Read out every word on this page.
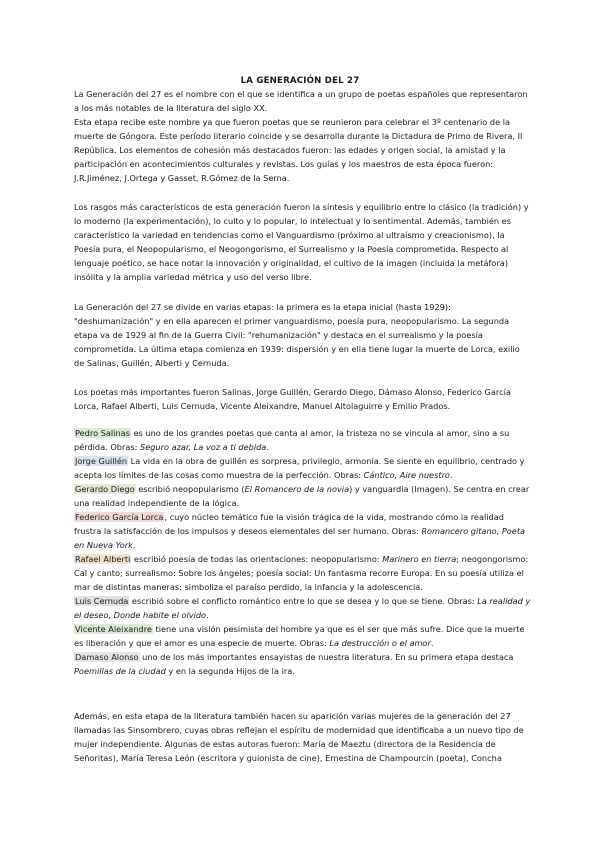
LA GENERACIÓN DEL 27
La Generación del 27 es el nombre con el que se identifica a un grupo de poetas españoles que representaron a los más notables de la literatura del siglo XX.
Esta etapa recibe este nombre ya que fueron poetas que se reunieron para celebrar el 3º centenario de la muerte de Góngora. Este período literario coincide y se desarrolla durante la Dictadura de Primo de Rivera, II República. Los elementos de cohesión más destacados fueron: las edades y origen social, la amistad y la participación en acontecimientos culturales y revistas. Los guías y los maestros de esta época fueron: J.R.Jiménez, J.Ortega y Gasset, R.Gómez de la Serna.
Los rasgos más característicos de esta generación fueron la síntesis y equilibrio entre lo clásico (la tradición) y lo moderno (la experimentación), lo culto y lo popular, lo intelectual y lo sentimental. Además, también es característico la variedad en tendencias como el Vanguardismo (próximo al ultraísmo y creacionismo), la Poesía pura, el Neopopularismo, el Neogongorismo, el Surrealismo y la Poesía comprometida. Respecto al lenguaje poético, se hace notar la innovación y originalidad, el cultivo de la imagen (incluida la metáfora) insólita y la amplia variedad métrica y uso del verso libre.
La Generación del 27 se divide en varias etapas: la primera es la etapa inicial (hasta 1929): "deshumanización" y en ella aparecen el primer vanguardismo, poesía pura, neopopularismo. La segunda etapa va de 1929 al fin de la Guerra Civil: "rehumanización" y destaca en el surrealismo y la poesía comprometida. La última etapa comienza en 1939: dispersión y en ella tiene lugar la muerte de Lorca, exilio de Salinas, Guillén, Alberti y Cernuda.
Los poetas más importantes fueron Salinas, Jorge Guillén, Gerardo Diego, Dámaso Alonso, Federico García Lorca, Rafael Alberti, Luis Cernuda, Vicente Aleixandre, Manuel Altolaguirre y Emilio Prados.
Pedro Salinas es uno de los grandes poetas que canta al amor, la tristeza no se vincula al amor, sino a su pérdida. Obras: Seguro azar, La voz a ti debida.
Jorge Guillén La vida en la obra de guillén es sorpresa, privilegio, armonía. Se siente en equilibrio, centrado y acepta los límites de las cosas como muestra de la perfección. Obras: Cántico, Aire nuestro.
Gerardo Diego escribió neopopularismo (El Romancero de la novia) y vanguardia (Imagen). Se centra en crear una realidad independiente de la lógica.
Federico García Lorca, cuyo núcleo temático fue la visión trágica de la vida, mostrando cómo la realidad frustra la satisfacción de los impulsos y deseos elementales del ser humano. Obras: Romancero gitano, Poeta en Nueva York.
Rafael Alberti escribió poesía de todas las orientaciones: neopopularismo: Marinero en tierra; neogongorismo: Cal y canto; surrealismo: Sobre los ángeles; poesía social: Un fantasma recorre Europa. En su poesía utiliza el mar de distintas maneras: simboliza el paraíso perdido, la infancia y la adolescencia.
Luis Cernuda escribió sobre el conflicto romántico entre lo que se desea y lo que se tiene. Obras: La realidad y el deseo, Donde habite el olvido.
Vicente Aleixandre tiene una visión pesimista del hombre ya que es el ser que más sufre. Dice que la muerte es liberación y que el amor es una especie de muerte. Obras: La destrucción o el amor.
Damaso Alonso uno de los más importantes ensayistas de nuestra literatura. En su primera etapa destaca Poemillas de la ciudad y en la segunda Hijos de la ira.
Además, en esta etapa de la literatura también hacen su aparición varias mujeres de la generación del 27 llamadas las Sinsombrero, cuyas obras reflejan el espíritu de modernidad que identificaba a un nuevo tipo de mujer independiente. Algunas de estas autoras fueron: María de Maeztu (directora de la Residencia de Señoritas), María Teresa León (escritora y guionista de cine), Ernestina de Champourcín (poeta), Concha
